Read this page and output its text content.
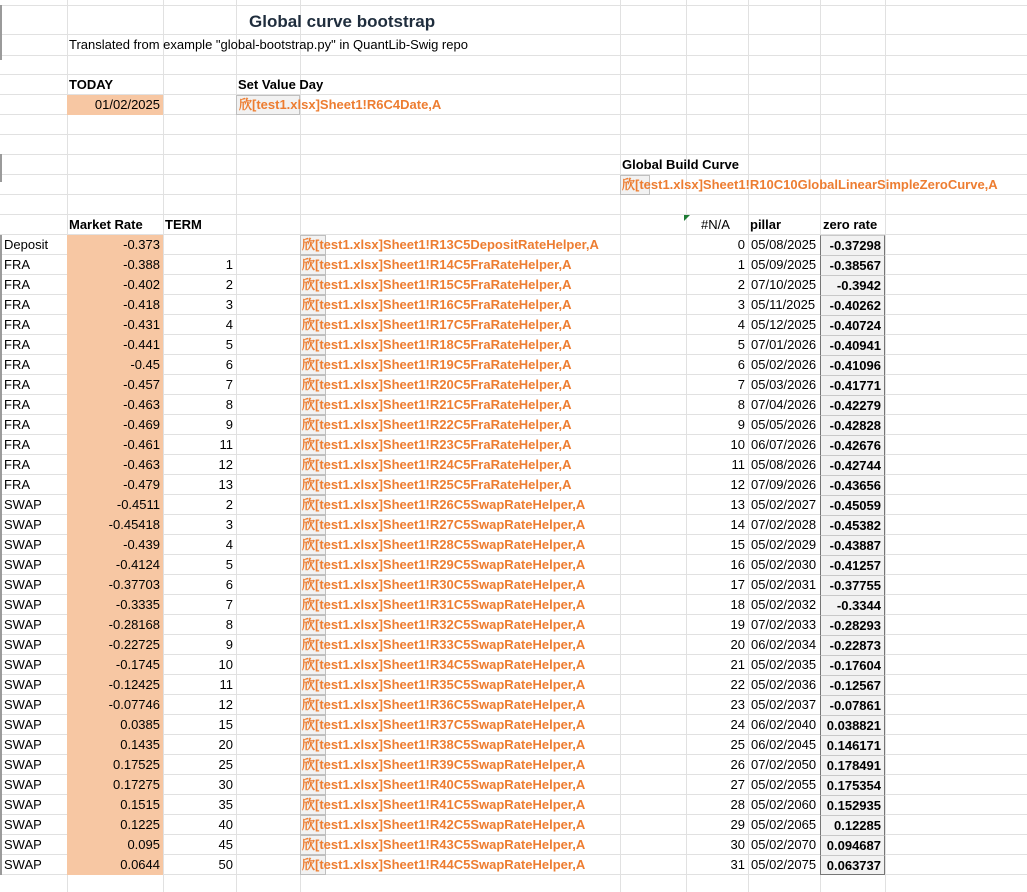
Global curve bootstrap
Translated from example "global-bootstrap.py" in QuantLib-Swig repo
TODAY
01/02/2025
Set Value Day
欣[test1.xlsx]Sheet1!R6C4Date,A
Global Build Curve
欣[test1.xlsx]Sheet1!R10C10GlobalLinearSimpleZeroCurve,A
Market Rate TERM	#N/A pillar	zero rate
Deposit	-0.373	欣[test1.xlsx]Sheet1!R13C5DepositRateHelper,A	0 05/08/2025	-0.37298
FRA	-0.388	1	欣[test1.xlsx]Sheet1!R14C5FraRateHelper,A	1 05/09/2025	-0.38567
FRA	-0.402	2	欣[test1.xlsx]Sheet1!R15C5FraRateHelper,A	2 07/10/2025	-0.3942
FRA	-0.418	3	欣[test1.xlsx]Sheet1!R16C5FraRateHelper,A	3 05/11/2025	-0.40262
FRA	-0.431	4	欣[test1.xlsx]Sheet1!R17C5FraRateHelper,A	4 05/12/2025	-0.40724
FRA	-0.441	5	欣[test1.xlsx]Sheet1!R18C5FraRateHelper,A	5 07/01/2026	-0.40941
FRA	-0.45	6	欣[test1.xlsx]Sheet1!R19C5FraRateHelper,A	6 05/02/2026	-0.41096
FRA	-0.457	7	欣[test1.xlsx]Sheet1!R20C5FraRateHelper,A	7 05/03/2026	-0.41771
FRA	-0.463	8	欣[test1.xlsx]Sheet1!R21C5FraRateHelper,A	8 07/04/2026	-0.42279
FRA	-0.469	9	欣[test1.xlsx]Sheet1!R22C5FraRateHelper,A	9 05/05/2026	-0.42828
FRA	-0.461	11	欣[test1.xlsx]Sheet1!R23C5FraRateHelper,A	10 06/07/2026	-0.42676
FRA	-0.463	12	欣[test1.xlsx]Sheet1!R24C5FraRateHelper,A	11 05/08/2026	-0.42744
FRA	-0.479	13	欣[test1.xlsx]Sheet1!R25C5FraRateHelper,A	12 07/09/2026	-0.43656
SWAP	-0.4511	2	欣[test1.xlsx]Sheet1!R26C5SwapRateHelper,A	13 05/02/2027	-0.45059
SWAP	-0.45418	3	欣[test1.xlsx]Sheet1!R27C5SwapRateHelper,A	14 07/02/2028	-0.45382
SWAP	-0.439	4	欣[test1.xlsx]Sheet1!R28C5SwapRateHelper,A	15 05/02/2029	-0.43887
SWAP	-0.4124	5	欣[test1.xlsx]Sheet1!R29C5SwapRateHelper,A	16 05/02/2030	-0.41257
SWAP	-0.37703	6	欣[test1.xlsx]Sheet1!R30C5SwapRateHelper,A	17 05/02/2031	-0.37755
SWAP	-0.3335	7	欣[test1.xlsx]Sheet1!R31C5SwapRateHelper,A	18 05/02/2032	-0.3344
SWAP	-0.28168	8	欣[test1.xlsx]Sheet1!R32C5SwapRateHelper,A	19 07/02/2033	-0.28293
SWAP	-0.22725	9	欣[test1.xlsx]Sheet1!R33C5SwapRateHelper,A	20 06/02/2034	-0.22873
SWAP	-0.1745	10	欣[test1.xlsx]Sheet1!R34C5SwapRateHelper,A	21 05/02/2035	-0.17604
SWAP	-0.12425	11	欣[test1.xlsx]Sheet1!R35C5SwapRateHelper,A	22 05/02/2036	-0.12567
SWAP	-0.07746	12	欣[test1.xlsx]Sheet1!R36C5SwapRateHelper,A	23 05/02/2037	-0.07861
SWAP	0.0385	15	欣[test1.xlsx]Sheet1!R37C5SwapRateHelper,A	24 06/02/2040 0.038821
SWAP	0.1435	20	欣[test1.xlsx]Sheet1!R38C5SwapRateHelper,A	25 06/02/2045 0.146171
SWAP	0.17525	25	欣[test1.xlsx]Sheet1!R39C5SwapRateHelper,A	26 07/02/2050 0.178491
SWAP	0.17275	30	欣[test1.xlsx]Sheet1!R40C5SwapRateHelper,A	27 05/02/2055 0.175354
SWAP	0.1515	35	欣[test1.xlsx]Sheet1!R41C5SwapRateHelper,A	28 05/02/2060 0.152935
SWAP	0.1225	40	欣[test1.xlsx]Sheet1!R42C5SwapRateHelper,A	29 05/02/2065	0.12285
SWAP	0.095	45	欣[test1.xlsx]Sheet1!R43C5SwapRateHelper,A	30 05/02/2070 0.094687
SWAP	0.0644	50	欣[test1.xlsx]Sheet1!R44C5SwapRateHelper,A	31 05/02/2075 0.063737
